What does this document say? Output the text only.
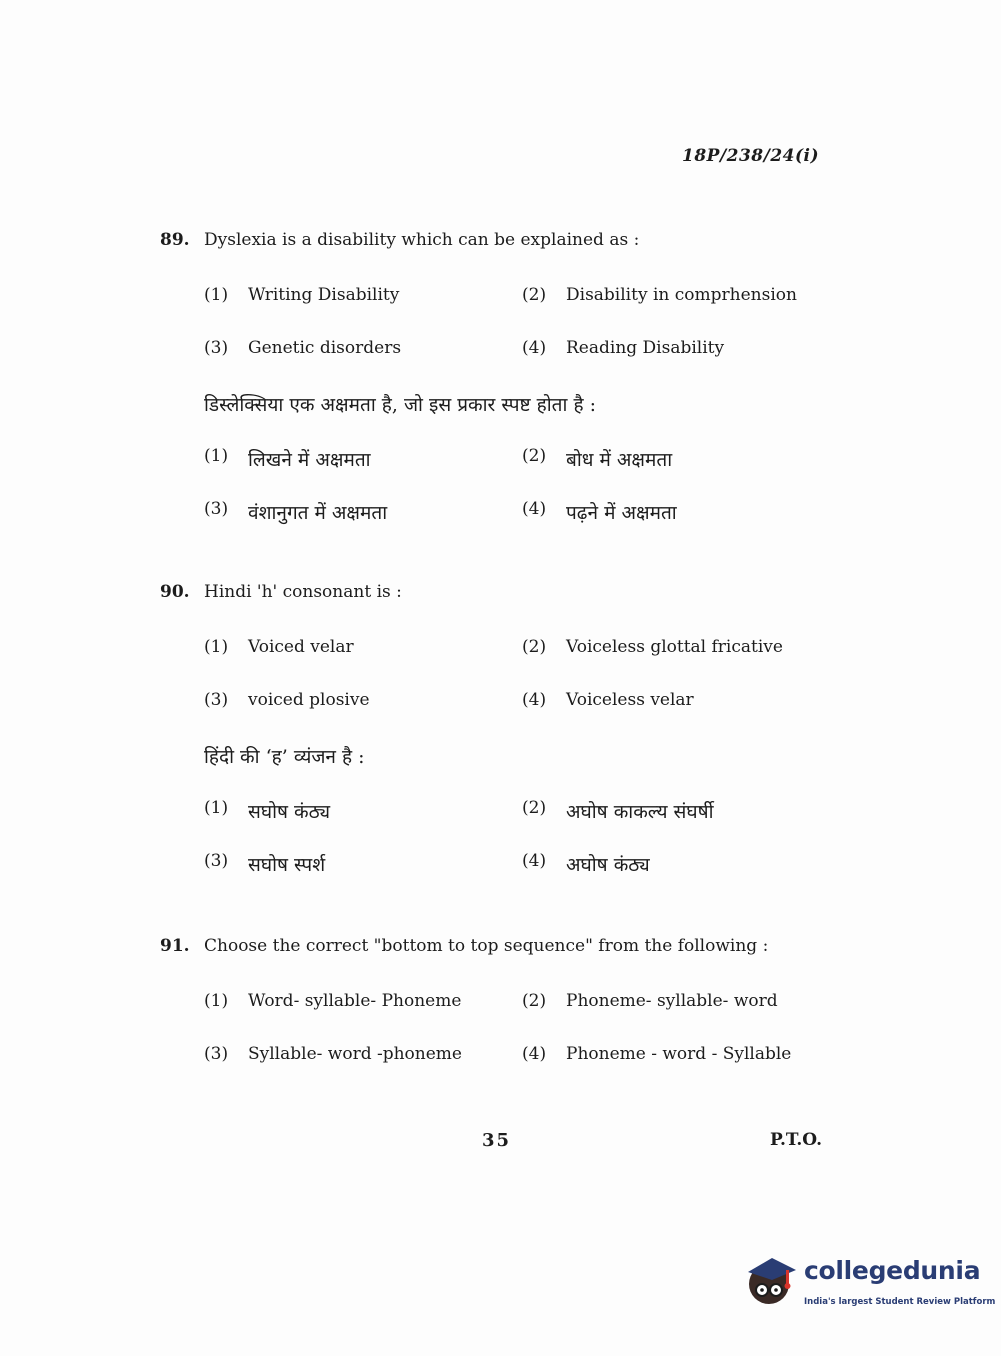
18P/238/24(i)
89. Dyslexia is a disability which can be explained as :
(1)	Writing Disability	(2)	Disability in comprhension
(3)	Genetic disorders	(4)	Reading Disability
डिस्लेक्सिया एक अक्षमता है, जो इस प्रकार स्पष्ट होता है :
(1)	लिखने में अक्षमता	(2)	बोध में अक्षमता
(3)	वंशानुगत में अक्षमता	(4)	पढ़ने में अक्षमता
90. Hindi 'h' consonant is :
(1)	Voiced velar	(2)	Voiceless glottal fricative
(3)	voiced plosive	(4)	Voiceless velar
हिंदी की ‘ह’ व्यंजन है :
(1)	सघोष कंठ्य	(2)	अघोष काकल्य संघर्षी
(3)	सघोष स्पर्श	(4)	अघोष कंठ्य
91. Choose the correct "bottom to top sequence" from the following :
(1)	Word- syllable- Phoneme	(2)	Phoneme- syllable- word
(3)	Syllable- word -phoneme	(4)	Phoneme - word - Syllable
35	P.T.O.
collegedunia
India's largest Student Review Platform
